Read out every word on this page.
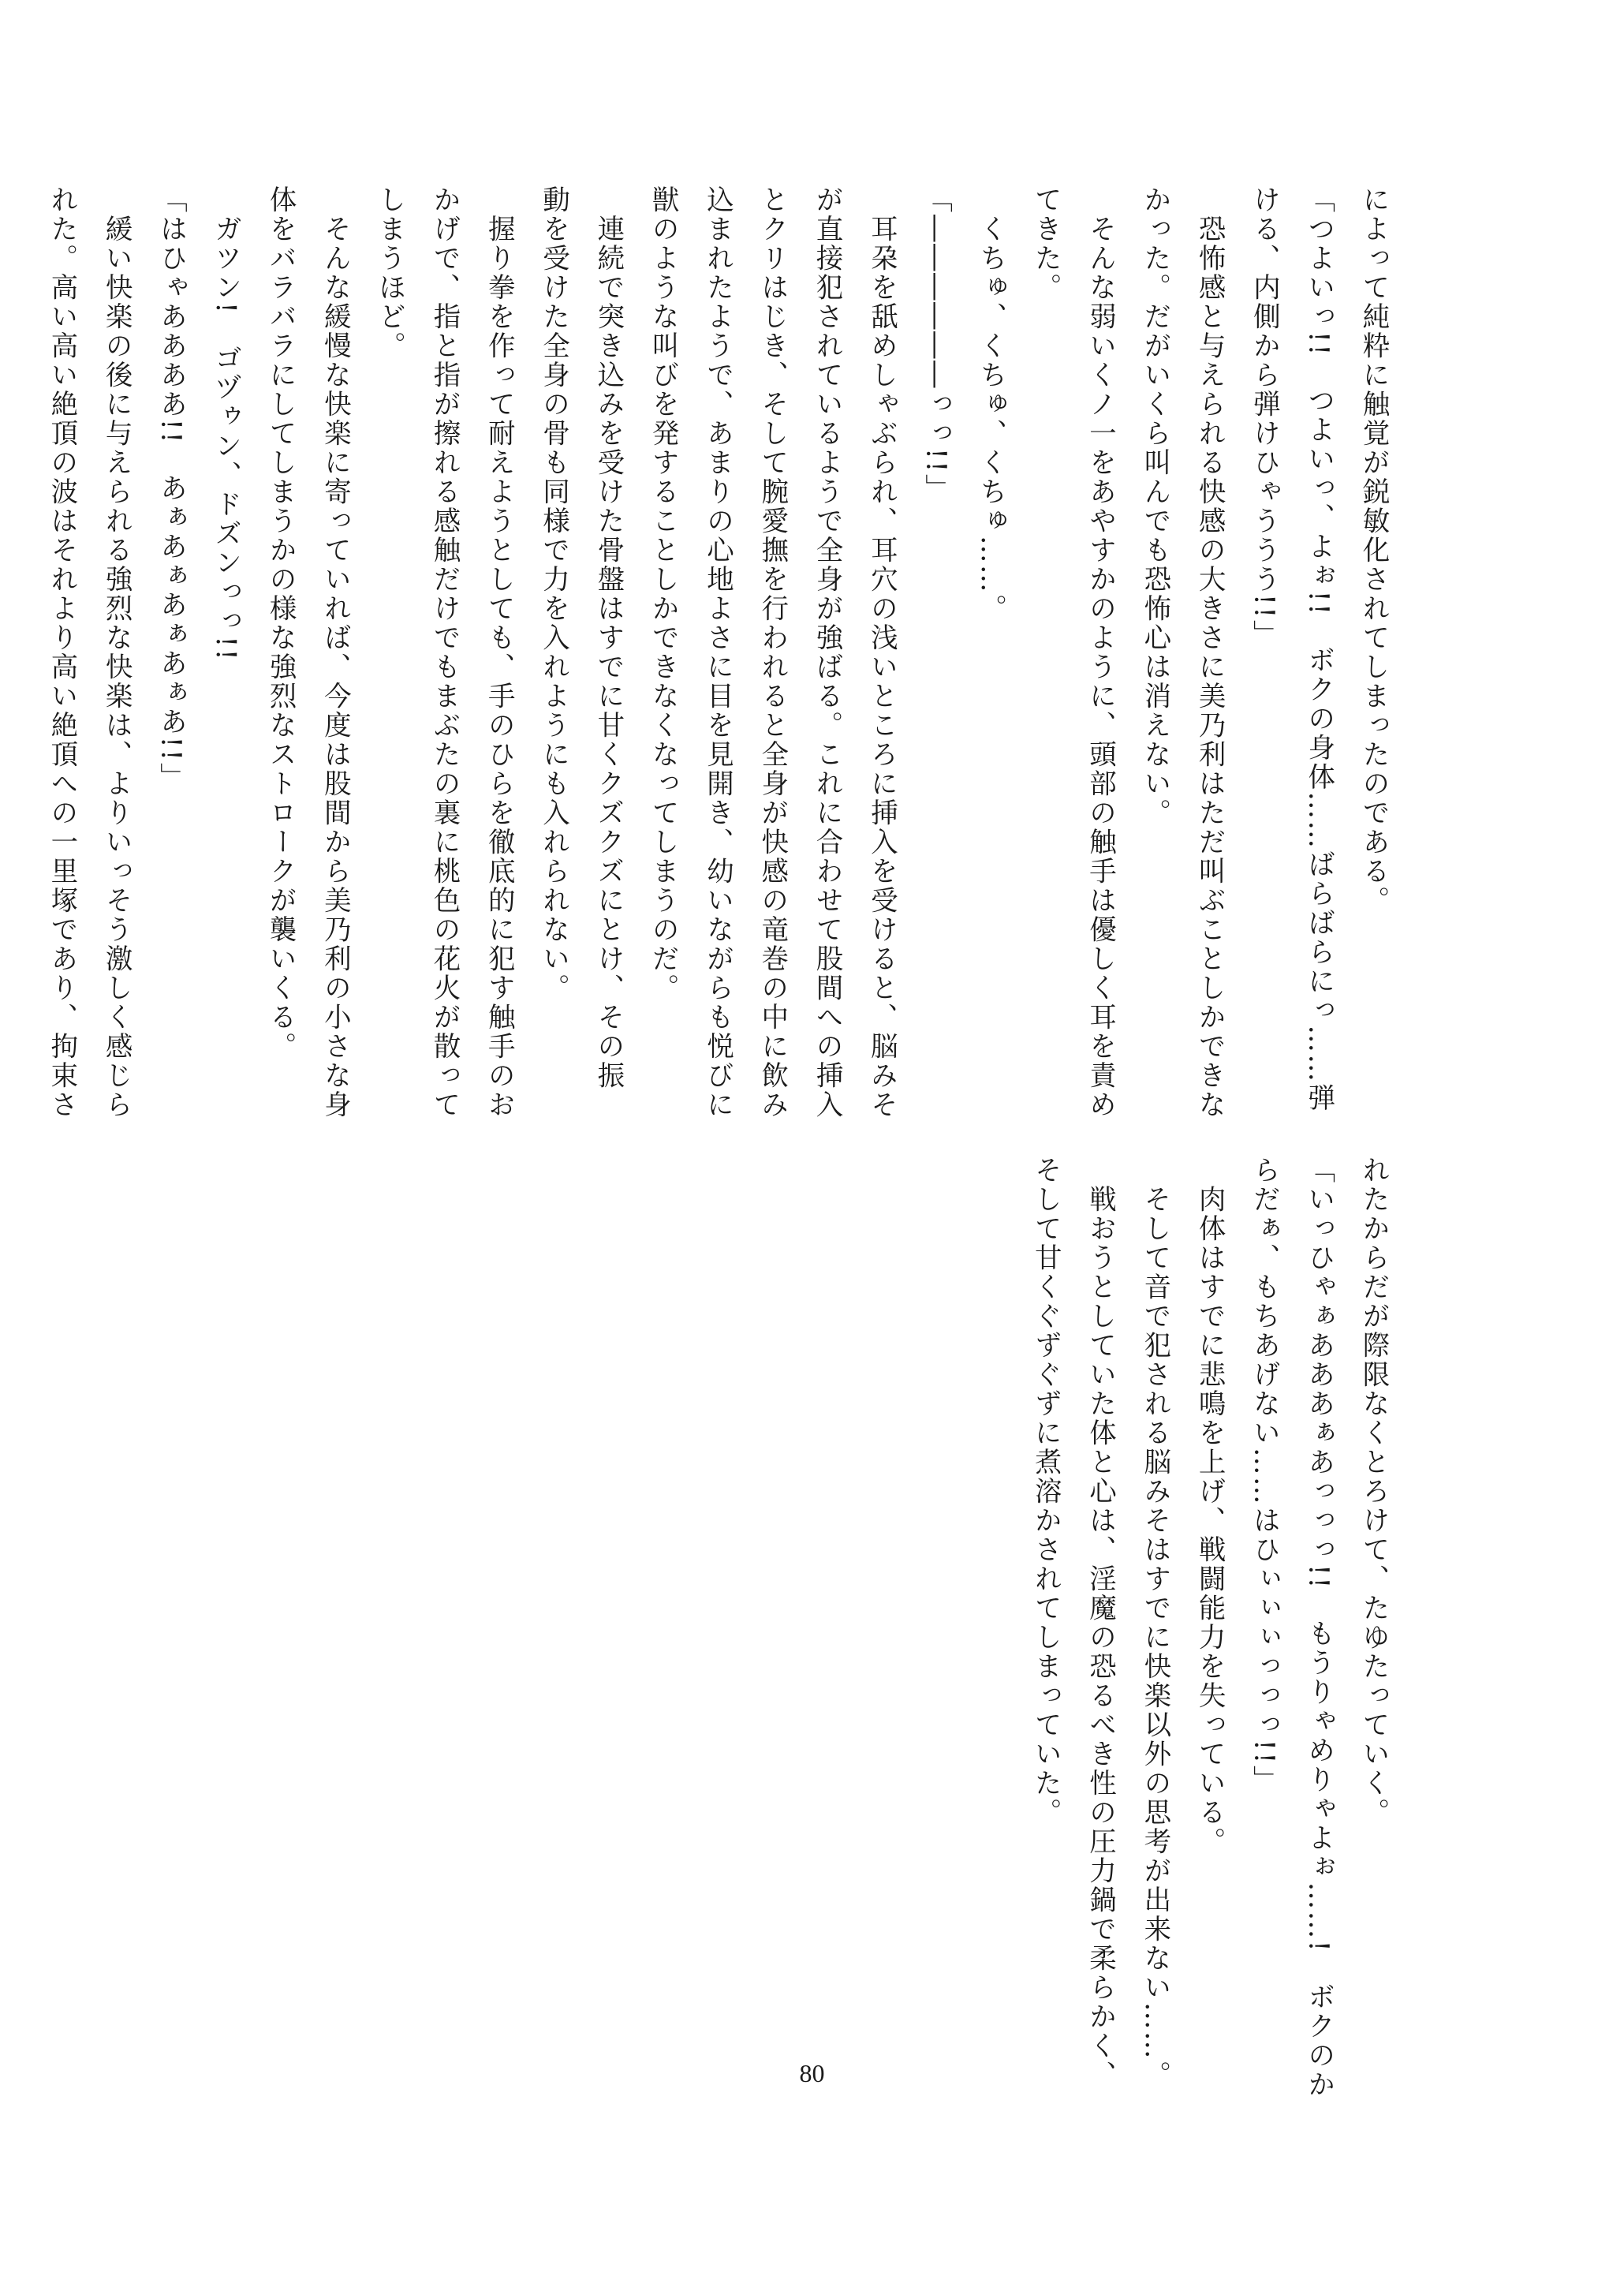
によって純粋に触覚が鋭敏化されてしまったのである。
「つよいっ!!　つよいっ、よぉ!!　ボクの身体……ばらばらにっ……弾
ける、内側から弾けひゃううう!!」
　恐怖感と与えられる快感の大きさに美乃利はただ叫ぶことしかできな
かった。だがいくら叫んでも恐怖心は消えない。
　そんな弱いくノ一をあやすかのように、頭部の触手は優しく耳を責め
てきた。
　くちゅ、くちゅ、くちゅ……。
「――――――っっ!!」
　耳朶を舐めしゃぶられ、耳穴の浅いところに挿入を受けると、脳みそ
が直接犯されているようで全身が強ばる。これに合わせて股間への挿入
とクリはじき、そして腕愛撫を行われると全身が快感の竜巻の中に飲み
込まれたようで、あまりの心地よさに目を見開き、幼いながらも悦びに
獣のような叫びを発することしかできなくなってしまうのだ。
　連続で突き込みを受けた骨盤はすでに甘くクズクズにとけ、その振
動を受けた全身の骨も同様で力を入れようにも入れられない。
　握り拳を作って耐えようとしても、手のひらを徹底的に犯す触手のお
かげで、指と指が擦れる感触だけでもまぶたの裏に桃色の花火が散って
しまうほど。
　そんな緩慢な快楽に寄っていれば、今度は股間から美乃利の小さな身
体をバラバラにしてしまうかの様な強烈なストロークが襲いくる。
　ガツン!　ゴヅゥン、ドズンっっ!!
「はひゃああああ!!　あぁあぁあぁあぁあ!!」
　緩い快楽の後に与えられる強烈な快楽は、よりいっそう激しく感じら
れた。高い高い絶頂の波はそれより高い絶頂への一里塚であり、拘束さ
れたからだが際限なくとろけて、たゆたっていく。
「いっひゃぁあああぁあっっっ!!　もうりゃめりゃよぉ……!　ボクのか
らだぁ、もちあげない……はひぃぃぃっっっ!!」
　肉体はすでに悲鳴を上げ、戦闘能力を失っている。
　そして音で犯される脳みそはすでに快楽以外の思考が出来ない……。
　戦おうとしていた体と心は、淫魔の恐るべき性の圧力鍋で柔らかく、
そして甘くぐずぐずに煮溶かされてしまっていた。
80
